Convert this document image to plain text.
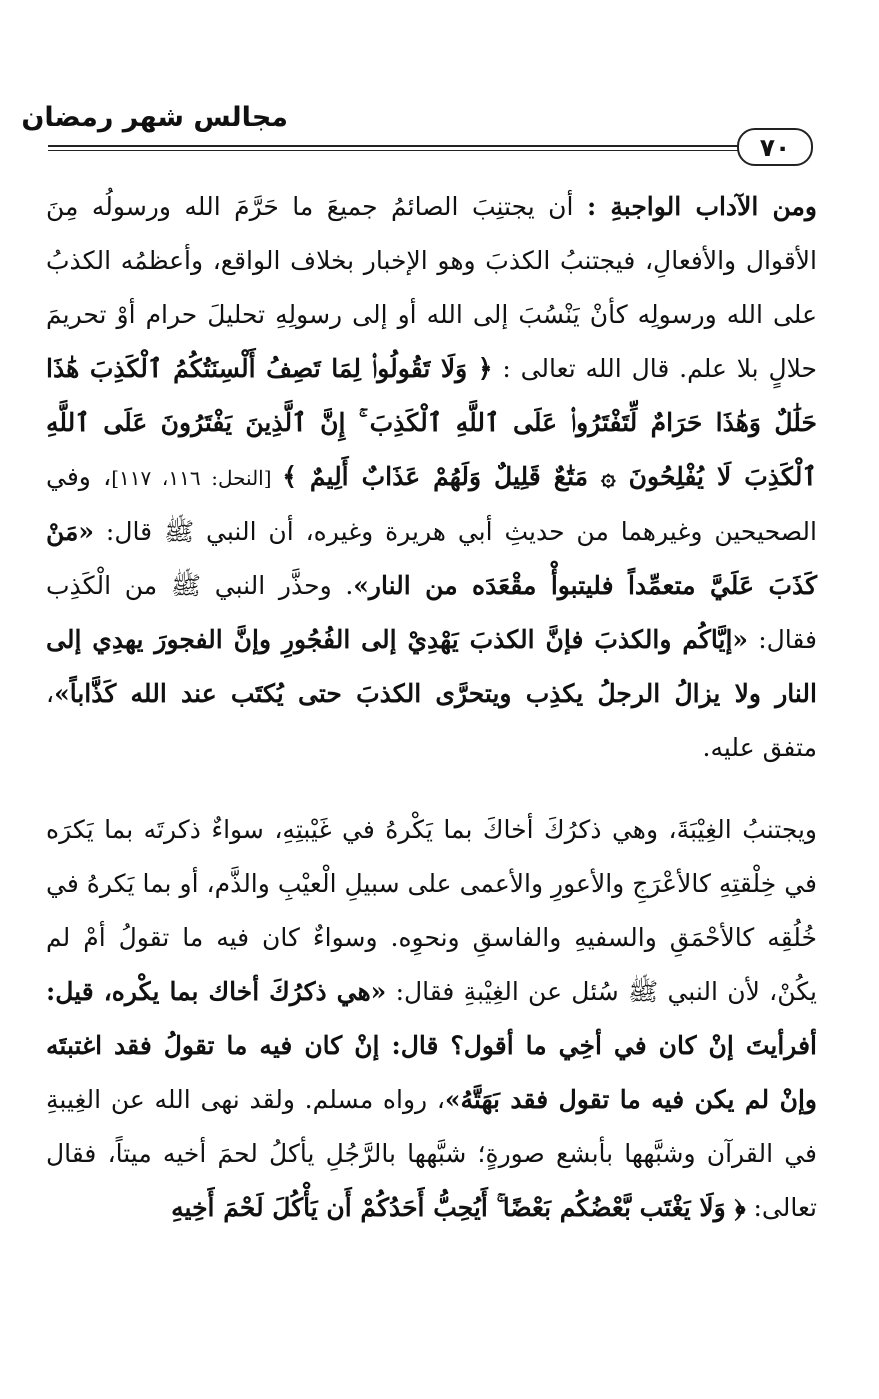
مجالس شهر رمضان
٧٠

ومن الآداب الواجبةِ : أن يجتنِبَ الصائمُ جميعَ ما حَرَّمَ الله ورسولُه مِنَ الأقوال والأفعالِ، فيجتنبُ الكذبَ وهو الإخبار بخلاف الواقع، وأعظمُه الكذبُ على الله ورسولِه كأنْ يَنْسُبَ إلى الله أو إلى رسولِهِ تحليلَ حرام أوْ تحريمَ حلالٍ بلا علم. قال الله تعالى : ﴿ وَلَا تَقُولُوا۟ لِمَا تَصِفُ أَلْسِنَتُكُمُ ٱلْكَذِبَ هَٰذَا حَلَٰلٌ وَهَٰذَا حَرَامٌ لِّتَفْتَرُوا۟ عَلَى ٱللَّهِ ٱلْكَذِبَ ۚ إِنَّ ٱلَّذِينَ يَفْتَرُونَ عَلَى ٱللَّهِ ٱلْكَذِبَ لَا يُفْلِحُونَ ۞ مَتَٰعٌ قَلِيلٌ وَلَهُمْ عَذَابٌ أَلِيمٌ ﴾ [النحل: ١١٦، ١١٧]، وفي الصحيحين وغيرهما من حديثِ أبي هريرة وغيره، أن النبي ﷺ قال: «مَنْ كَذَبَ عَلَيَّ متعمِّداً فليتبوأْ مقْعَدَه من النار». وحذَّر النبي ﷺ من الْكَذِب فقال: «إيَّاكُم والكذبَ فإنَّ الكذبَ يَهْدِيْ إلى الفُجُورِ وإنَّ الفجورَ يهدِي إلى النار ولا يزالُ الرجلُ يكذِب ويتحرَّى الكذبَ حتى يُكتَب عند الله كَذَّاباً»، متفق عليه.

ويجتنبُ الغِيْبَةَ، وهي ذكرُكَ أخاكَ بما يَكْرهُ في غَيْبتِهِ، سواءٌ ذكرتَه بما يَكرَه في خِلْقتِهِ كالأعْرَجِ والأعورِ والأعمى على سبيلِ الْعيْبِ والذَّم، أو بما يَكرهُ في خُلُقِه كالأحْمَقِ والسفيهِ والفاسقِ ونحوِه. وسواءٌ كان فيه ما تقولُ أمْ لم يكُنْ، لأن النبي ﷺ سُئل عن الغِيْبةِ فقال: «هي ذكرُكَ أخاك بما يكْره، قيل: أفرأيتَ إنْ كان في أخِي ما أقول؟ قال: إنْ كان فيه ما تقولُ فقد اغتبتَه وإنْ لم يكن فيه ما تقول فقد بَهَتَّهُ»، رواه مسلم. ولقد نهى الله عن الغِيبةِ في القرآن وشبَّهها بأبشع صورةٍ؛ شبَّهها بالرَّجُلِ يأكلُ لحمَ أخيه ميتاً، فقال تعالى: ﴿ وَلَا يَغْتَب بَّعْضُكُم بَعْضًا ۚ أَيُحِبُّ أَحَدُكُمْ أَن يَأْكُلَ لَحْمَ أَخِيهِ
